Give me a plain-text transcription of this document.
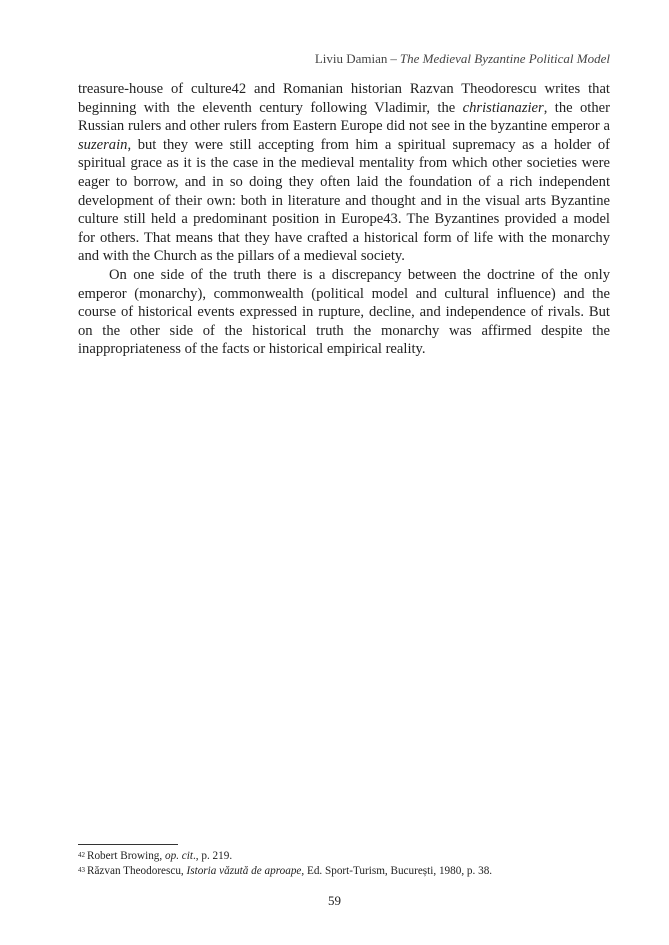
Liviu Damian – The Medieval Byzantine Political Model

treasure-house of culture42 and Romanian historian Razvan Theodorescu writes that beginning with the eleventh century following Vladimir, the christianazier, the other Russian rulers and other rulers from Eastern Europe did not see in the byzantine emperor a suzerain, but they were still accepting from him a spiritual supremacy as a holder of spiritual grace as it is the case in the medieval mentality from which other societies were eager to borrow, and in so doing they often laid the foundation of a rich independent development of their own: both in literature and thought and in the visual arts Byzantine culture still held a predominant position in Europe43. The Byzantines provided a model for others. That means that they have crafted a historical form of life with the monarchy and with the Church as the pillars of a medieval society.

On one side of the truth there is a discrepancy between the doctrine of the only emperor (monarchy), commonwealth (political model and cultural influence) and the course of historical events expressed in rupture, decline, and independence of rivals. But on the other side of the historical truth the monarchy was affirmed despite the inappropriateness of the facts or historical empirical reality.

$^{42}$ Robert Browing, op. cit., p. 219.
$^{43}$ Răzvan Theodorescu, Istoria văzută de aproape, Ed. Sport-Turism, București, 1980, p. 38.
59
